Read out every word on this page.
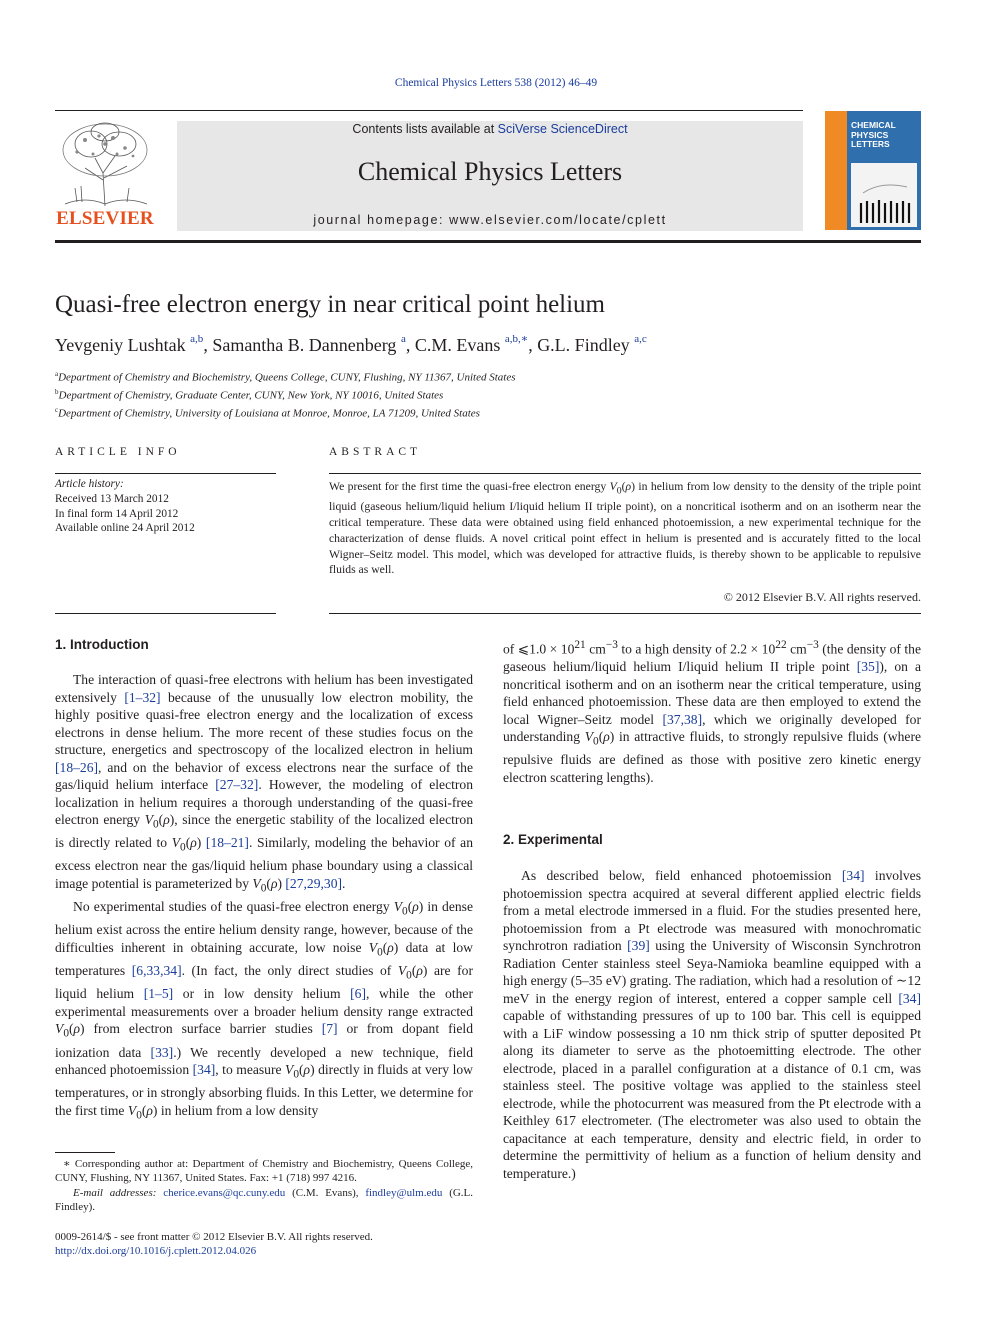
Chemical Physics Letters 538 (2012) 46–49
ELSEVIER
Contents lists available at SciVerse ScienceDirect
Chemical Physics Letters
journal homepage: www.elsevier.com/locate/cplett
CHEMICAL
PHYSICS
LETTERS
Quasi-free electron energy in near critical point helium
Yevgeniy Lushtak $^{a,b}$, Samantha B. Dannenberg $^a$, C.M. Evans $^{a,b,∗}$, G.L. Findley $^{a,c}$
$^a$Department of Chemistry and Biochemistry, Queens College, CUNY, Flushing, NY 11367, United States
$^b$Department of Chemistry, Graduate Center, CUNY, New York, NY 10016, United States
$^c$Department of Chemistry, University of Louisiana at Monroe, Monroe, LA 71209, United States
ARTICLE INFO
Article history:
Received 13 March 2012
In final form 14 April 2012
Available online 24 April 2012
ABSTRACT
We present for the first time the quasi-free electron energy $V_0(\rho)$ in helium from low density to the density of the triple point liquid (gaseous helium/liquid helium I/liquid helium II triple point), on a noncritical isotherm and on an isotherm near the critical temperature. These data were obtained using field enhanced photoemission, a new experimental technique for the characterization of dense fluids. A novel critical point effect in helium is presented and is accurately fitted to the local Wigner–Seitz model. This model, which was developed for attractive fluids, is thereby shown to be applicable to repulsive fluids as well.
© 2012 Elsevier B.V. All rights reserved.
1. Introduction

The interaction of quasi-free electrons with helium has been investigated extensively [1–32] because of the unusually low electron mobility, the highly positive quasi-free electron energy and the localization of excess electrons in dense helium. The more recent of these studies focus on the structure, energetics and spectroscopy of the localized electron in helium [18–26], and on the behavior of excess electrons near the surface of the gas/liquid helium interface [27–32]. However, the modeling of electron localization in helium requires a thorough understanding of the quasi-free electron energy $V_0(\rho)$, since the energetic stability of the localized electron is directly related to $V_0(\rho)$ [18–21]. Similarly, modeling the behavior of an excess electron near the gas/liquid helium phase boundary using a classical image potential is parameterized by $V_0(\rho)$ [27,29,30].

No experimental studies of the quasi-free electron energy $V_0(\rho)$ in dense helium exist across the entire helium density range, however, because of the difficulties inherent in obtaining accurate, low noise $V_0(\rho)$ data at low temperatures [6,33,34]. (In fact, the only direct studies of $V_0(\rho)$ are for liquid helium [1–5] or in low density helium [6], while the other experimental measurements over a broader helium density range extracted $V_0(\rho)$ from electron surface barrier studies [7] or from dopant field ionization data [33].) We recently developed a new technique, field enhanced photoemission [34], to measure $V_0(\rho)$ directly in fluids at very low temperatures, or in strongly absorbing fluids. In this Letter, we determine for the first time $V_0(\rho)$ in helium from a low density

of ⩽1.0 × $10^{21}$ $cm^{-3}$ to a high density of $2.2 \times 10^{22}$ $cm^{-3}$ (the density of the gaseous helium/liquid helium I/liquid helium II triple point [35]), on a noncritical isotherm and on an isotherm near the critical temperature, using field enhanced photoemission. These data are then employed to extend the local Wigner–Seitz model [37,38], which we originally developed for understanding $V_0(\rho)$ in attractive fluids, to strongly repulsive fluids (where repulsive fluids are defined as those with positive zero kinetic energy electron scattering lengths).

2. Experimental

As described below, field enhanced photoemission [34] involves photoemission spectra acquired at several different applied electric fields from a metal electrode immersed in a fluid. For the studies presented here, photoemission from a Pt electrode was measured with monochromatic synchrotron radiation [39] using the University of Wisconsin Synchrotron Radiation Center stainless steel Seya-Namioka beamline equipped with a high energy (5–35 eV) grating. The radiation, which had a resolution of ∼12 meV in the energy region of interest, entered a copper sample cell [34] capable of withstanding pressures of up to 100 bar. This cell is equipped with a LiF window possessing a 10 nm thick strip of sputter deposited Pt along its diameter to serve as the photoemitting electrode. The other electrode, placed in a parallel configuration at a distance of 0.1 cm, was stainless steel. The positive voltage was applied to the stainless steel electrode, while the photocurrent was measured from the Pt electrode with a Keithley 617 electrometer. (The electrometer was also used to obtain the capacitance at each temperature, density and electric field, in order to determine the permittivity of helium as a function of helium density and temperature.)

∗ Corresponding author at: Department of Chemistry and Biochemistry, Queens College, CUNY, Flushing, NY 11367, United States. Fax: +1 (718) 997 4216.
E-mail addresses: cherice.evans@qc.cuny.edu (C.M. Evans), findley@ulm.edu (G.L. Findley).
0009-2614/$ - see front matter © 2012 Elsevier B.V. All rights reserved.
http://dx.doi.org/10.1016/j.cplett.2012.04.026
